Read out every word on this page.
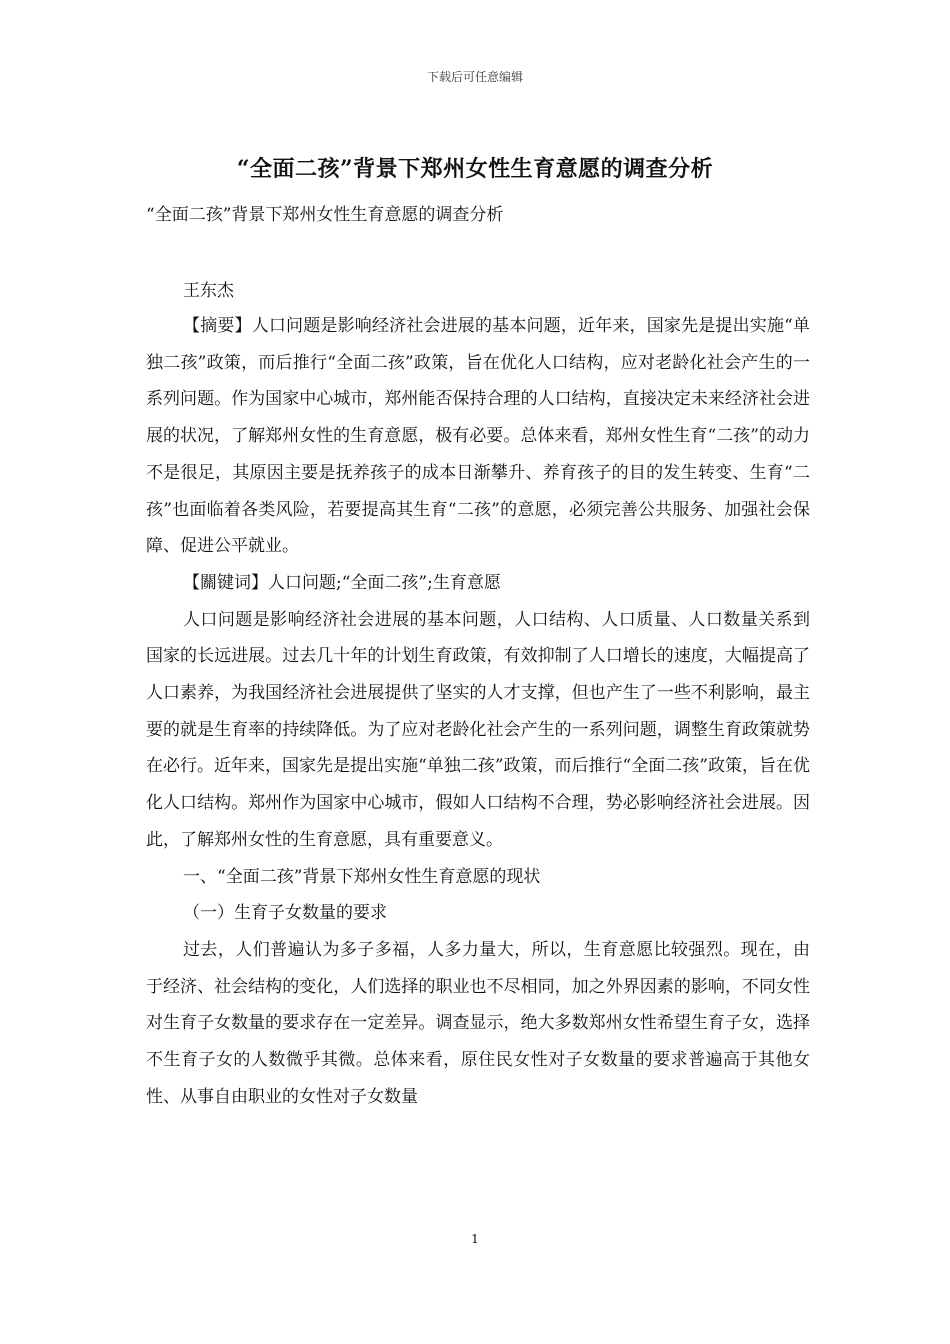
下载后可任意编辑
“全面二孩”背景下郑州女性生育意愿的调查分析
“全面二孩”背景下郑州女性生育意愿的调查分析
王东杰

【摘要】人口问题是影响经济社会进展的基本问题，近年来，国家先是提出实施“单独二孩”政策，而后推行“全面二孩”政策，旨在优化人口结构，应对老龄化社会产生的一系列问题。作为国家中心城市，郑州能否保持合理的人口结构，直接决定未来经济社会进展的状况，了解郑州女性的生育意愿，极有必要。总体来看，郑州女性生育“二孩”的动力不是很足，其原因主要是抚养孩子的成本日渐攀升、养育孩子的目的发生转变、生育“二孩”也面临着各类风险，若要提高其生育“二孩”的意愿，必须完善公共服务、加强社会保障、促进公平就业。

【關键词】人口问题;“全面二孩”;生育意愿

人口问题是影响经济社会进展的基本问题，人口结构、人口质量、人口数量关系到国家的长远进展。过去几十年的计划生育政策，有效抑制了人口增长的速度，大幅提高了人口素养，为我国经济社会进展提供了坚实的人才支撑，但也产生了一些不利影响，最主要的就是生育率的持续降低。为了应对老龄化社会产生的一系列问题，调整生育政策就势在必行。近年来，国家先是提出实施“单独二孩”政策，而后推行“全面二孩”政策，旨在优化人口结构。郑州作为国家中心城市，假如人口结构不合理，势必影响经济社会进展。因此，了解郑州女性的生育意愿，具有重要意义。

一、“全面二孩”背景下郑州女性生育意愿的现状

（一）生育子女数量的要求

过去，人们普遍认为多子多福，人多力量大，所以，生育意愿比较强烈。现在，由于经济、社会结构的变化，人们选择的职业也不尽相同，加之外界因素的影响，不同女性对生育子女数量的要求存在一定差异。调查显示，绝大多数郑州女性希望生育子女，选择不生育子女的人数微乎其微。总体来看，原住民女性对子女数量的要求普遍高于其他女性、从事自由职业的女性对子女数量

1
